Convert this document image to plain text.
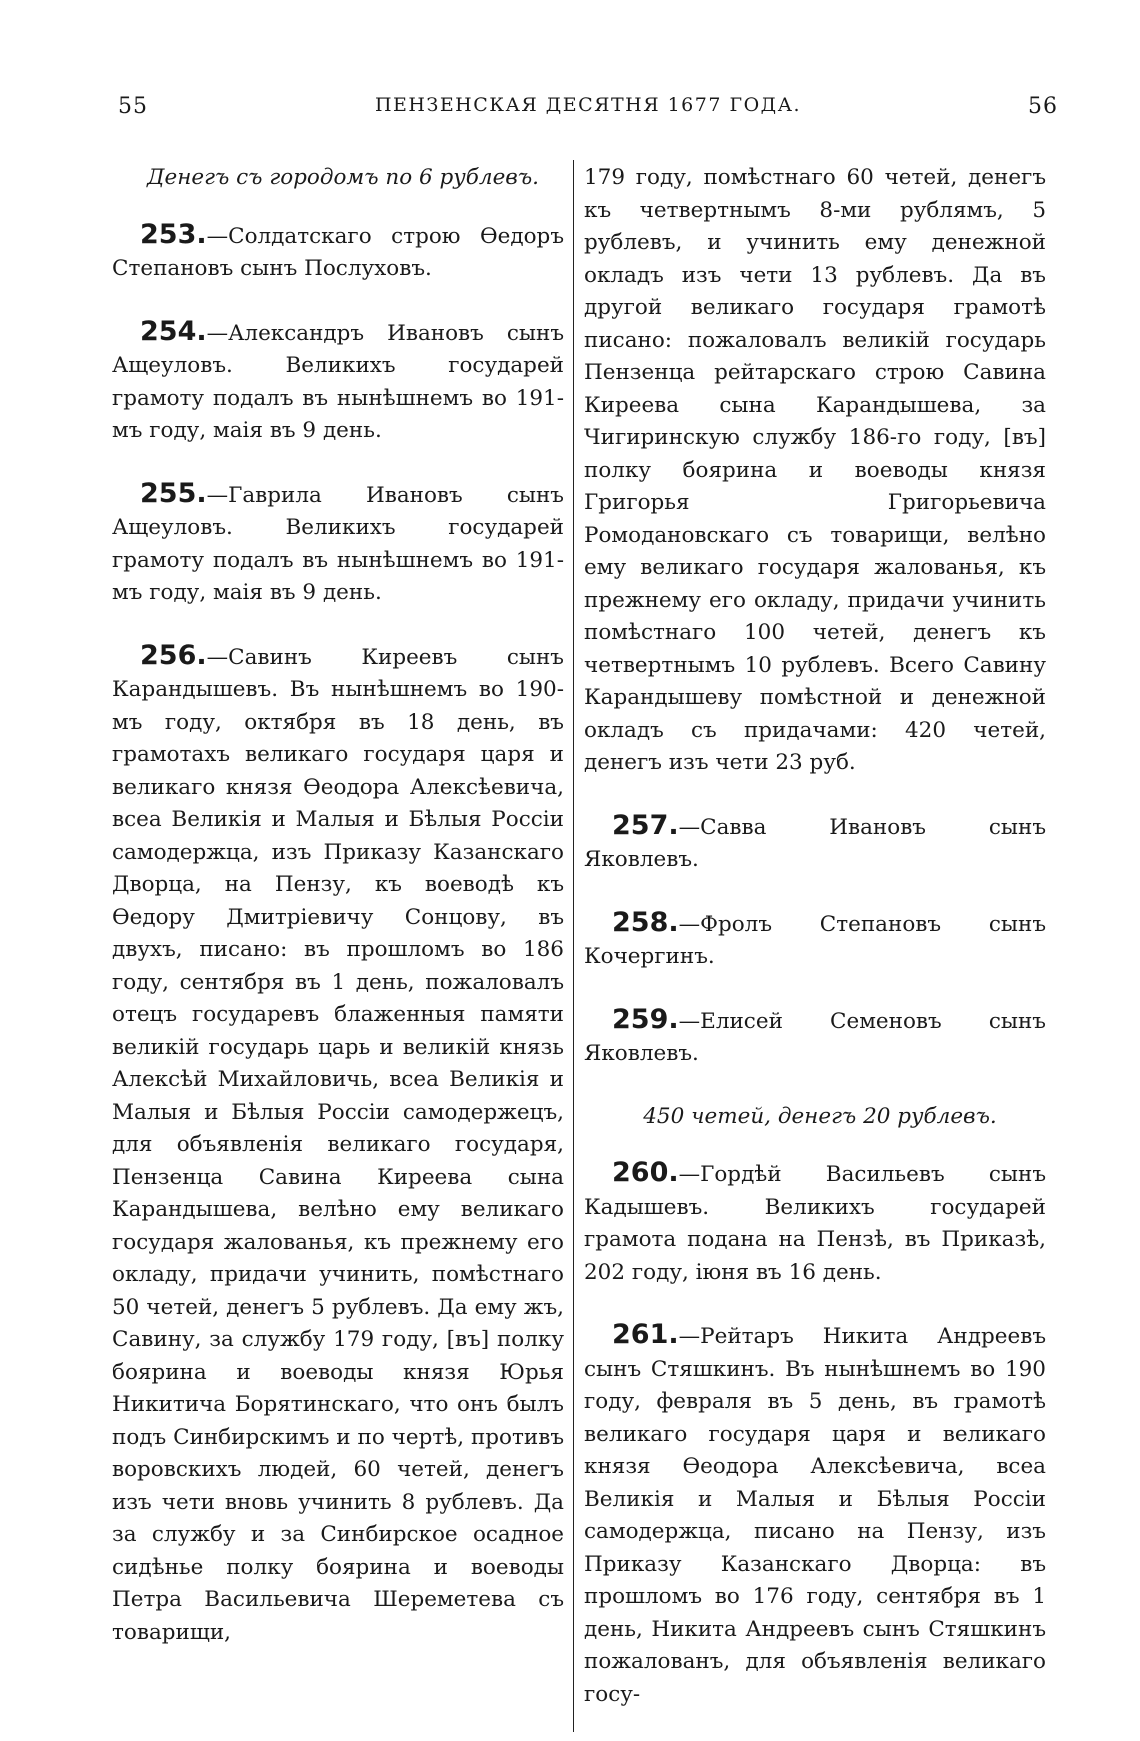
55	ПЕНЗЕНСКАЯ ДЕСЯТНЯ 1677 ГОДА.	56
Денегъ съ городомъ по 6 рублевъ.
253.—Солдатскаго строю Өедоръ Степановъ сынъ Послуховъ.
254.—Александръ Ивановъ сынъ Ащеуловъ. Великихъ государей грамоту подалъ въ нынѣшнемъ во 191-мъ году, маія въ 9 день.
255.—Гаврила Ивановъ сынъ Ащеуловъ. Великихъ государей грамоту подалъ въ нынѣшнемъ во 191-мъ году, маія въ 9 день.
256.—Савинъ Киреевъ сынъ Карандышевъ. Въ нынѣшнемъ во 190-мъ году, октября въ 18 день, въ грамотахъ великаго государя царя и великаго князя Өеодора Алексѣевича, всеа Великія и Малыя и Бѣлыя Россіи самодержца, изъ Приказу Казанскаго Дворца, на Пензу, къ воеводѣ къ Өедору Дмитріевичу Сонцову, въ двухъ, писано: въ прошломъ во 186 году, сентября въ 1 день, пожаловалъ отецъ государевъ блаженныя памяти великій государь царь и великій князь Алексѣй Михайловичь, всеа Великія и Малыя и Бѣлыя Россіи самодержецъ, для объявленія великаго государя, Пензенца Савина Киреева сына Карандышева, велѣно ему великаго государя жалованья, къ прежнему его окладу, придачи учинить, помѣстнаго 50 четей, денегъ 5 рублевъ. Да ему жъ, Савину, за службу 179 году, [въ] полку боярина и воеводы князя Юрья Никитича Борятинскаго, что онъ былъ подъ Синбирскимъ и по чертѣ, противъ воровскихъ людей, 60 четей, денегъ изъ чети вновь учинить 8 рублевъ. Да за службу и за Синбирское осадное сидѣнье полку боярина и воеводы Петра Васильевича Шереметева съ товарищи,
179 году, помѣстнаго 60 четей, денегъ къ четвертнымъ 8-ми рублямъ, 5 рублевъ, и учинить ему денежной окладъ изъ чети 13 рублевъ. Да въ другой великаго государя грамотѣ писано: пожаловалъ великій государь Пензенца рейтарскаго строю Савина Киреева сына Карандышева, за Чигиринскую службу 186-го году, [въ] полку боярина и воеводы князя Григорья Григорьевича Ромодановскаго съ товарищи, велѣно ему великаго государя жалованья, къ прежнему его окладу, придачи учинить помѣстнаго 100 четей, денегъ къ четвертнымъ 10 рублевъ. Всего Савину Карандышеву помѣстной и денежной окладъ съ придачами: 420 четей, денегъ изъ чети 23 руб.
257.—Савва Ивановъ сынъ Яковлевъ.
258.—Фролъ Степановъ сынъ Кочергинъ.
259.—Елисей Семеновъ сынъ Яковлевъ.
450 четей, денегъ 20 рублевъ.
260.—Гордѣй Васильевъ сынъ Кадышевъ. Великихъ государей грамота подана на Пензѣ, въ Приказѣ, 202 году, іюня въ 16 день.
261.—Рейтаръ Никита Андреевъ сынъ Стяшкинъ. Въ нынѣшнемъ во 190 году, февраля въ 5 день, въ грамотѣ великаго государя царя и великаго князя Өеодора Алексѣевича, всеа Великія и Малыя и Бѣлыя Россіи самодержца, писано на Пензу, изъ Приказу Казанскаго Дворца: въ прошломъ во 176 году, сентября въ 1 день, Никита Андреевъ сынъ Стяшкинъ пожалованъ, для объявленія великаго госу-
